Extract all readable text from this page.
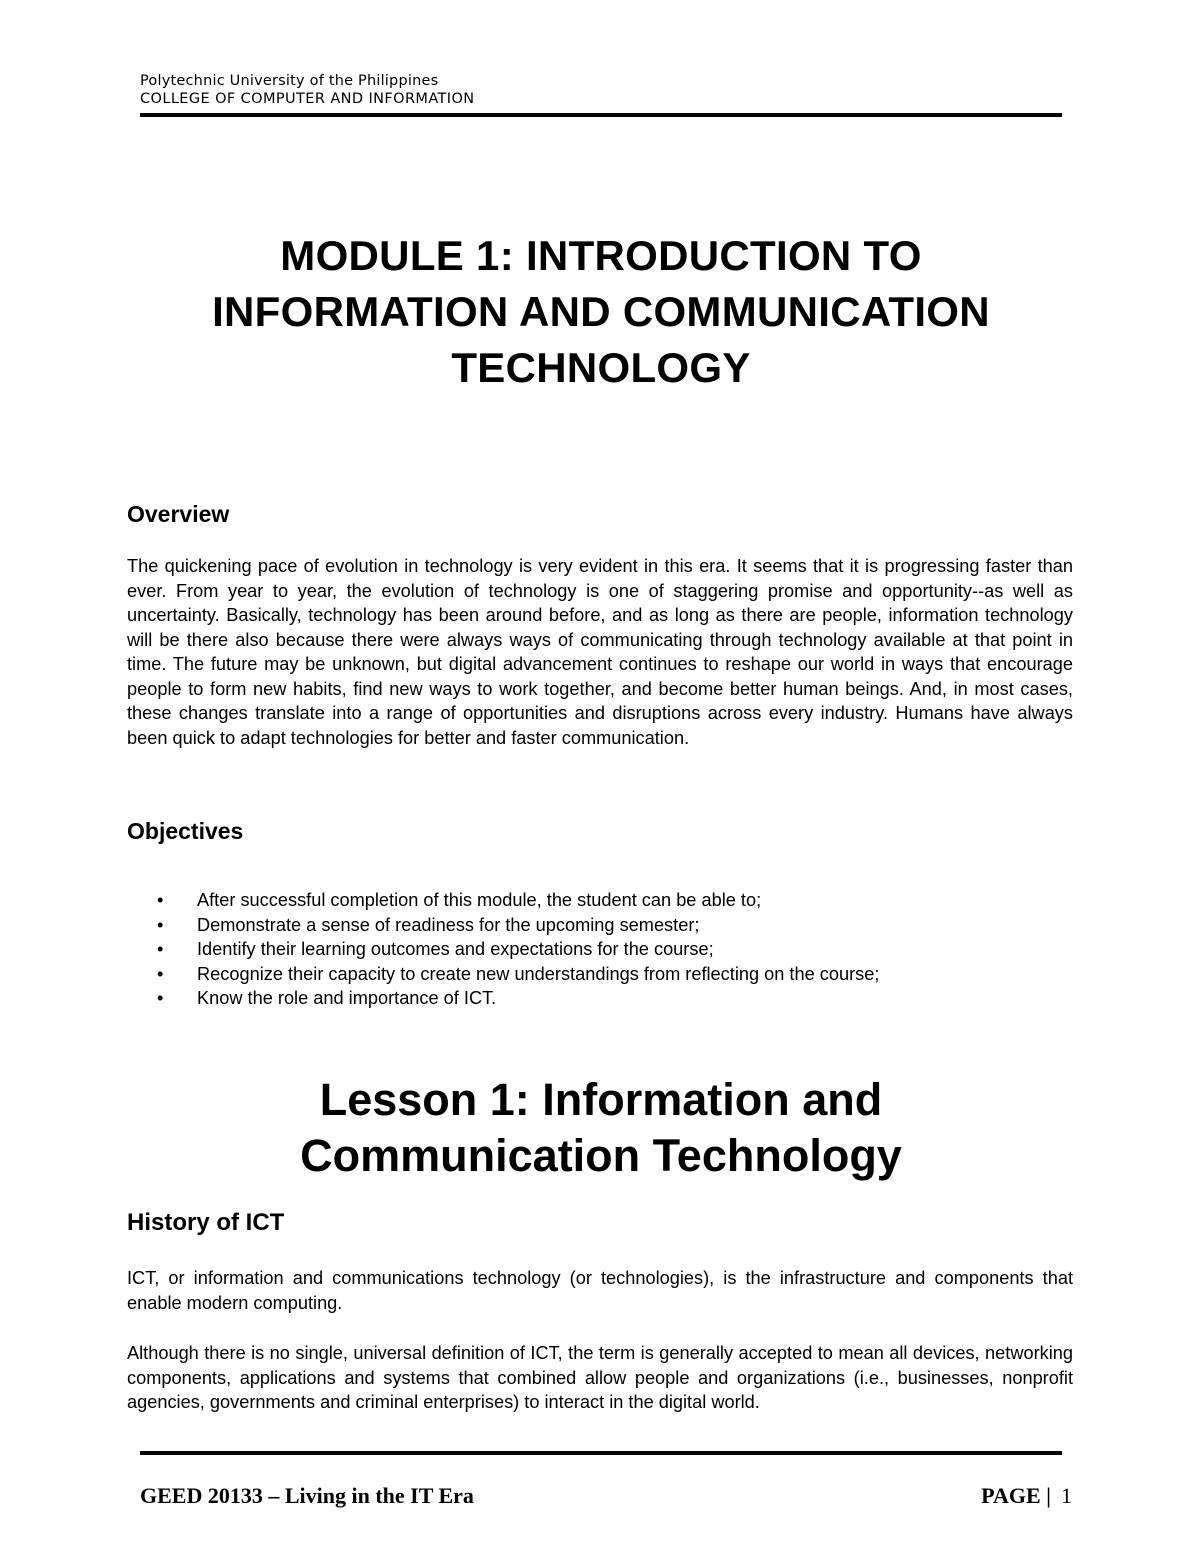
Polytechnic University of the Philippines
COLLEGE OF COMPUTER AND INFORMATION
MODULE 1: INTRODUCTION TO
INFORMATION AND COMMUNICATION
TECHNOLOGY
Overview
The quickening pace of evolution in technology is very evident in this era. It seems that it is progressing faster than ever. From year to year, the evolution of technology is one of staggering promise and opportunity--as well as uncertainty. Basically, technology has been around before, and as long as there are people, information technology will be there also because there were always ways of communicating through technology available at that point in time. The future may be unknown, but digital advancement continues to reshape our world in ways that encourage people to form new habits, find new ways to work together, and become better human beings. And, in most cases, these changes translate into a range of opportunities and disruptions across every industry. Humans have always been quick to adapt technologies for better and faster communication.
Objectives
• After successful completion of this module, the student can be able to;
• Demonstrate a sense of readiness for the upcoming semester;
• Identify their learning outcomes and expectations for the course;
• Recognize their capacity to create new understandings from reflecting on the course;
• Know the role and importance of ICT.
Lesson 1: Information and
Communication Technology
History of ICT
ICT, or information and communications technology (or technologies), is the infrastructure and components that enable modern computing.
Although there is no single, universal definition of ICT, the term is generally accepted to mean all devices, networking components, applications and systems that combined allow people and organizations (i.e., businesses, nonprofit agencies, governments and criminal enterprises) to interact in the digital world.
GEED 20133 – Living in the IT Era	PAGE | 1
